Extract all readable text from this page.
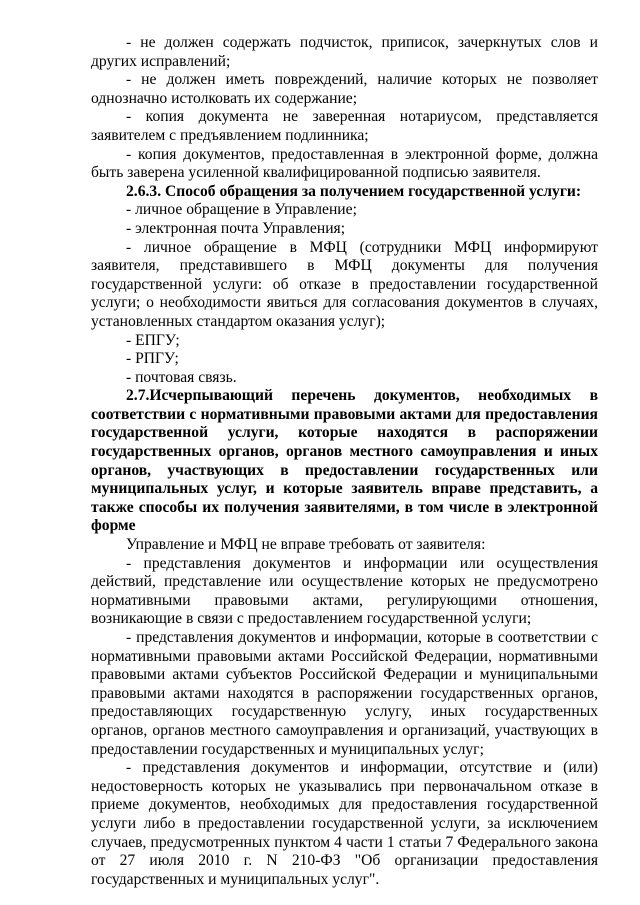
- не должен содержать подчисток, приписок, зачеркнутых слов и других исправлений;

- не должен иметь повреждений, наличие которых не позволяет однозначно истолковать их содержание;

- копия документа не заверенная нотариусом, представляется заявителем с предъявлением подлинника;

- копия документов, предоставленная в электронной форме, должна быть заверена усиленной квалифицированной подписью заявителя.

2.6.3. Способ обращения за получением государственной услуги:

- личное обращение в Управление;

- электронная почта Управления;

- личное обращение в МФЦ (сотрудники МФЦ информируют заявителя, представившего в МФЦ документы для получения государственной услуги: об отказе в предоставлении государственной услуги; о необходимости явиться для согласования документов в случаях, установленных стандартом оказания услуг);

- ЕПГУ;

- РПГУ;

- почтовая связь.

2.7.Исчерпывающий перечень документов, необходимых в соответствии с нормативными правовыми актами для предоставления государственной услуги, которые находятся в распоряжении государственных органов, органов местного самоуправления и иных органов, участвующих в предоставлении государственных или муниципальных услуг, и которые заявитель вправе представить, а также способы их получения заявителями, в том числе в электронной форме

Управление и МФЦ не вправе требовать от заявителя:

- представления документов и информации или осуществления действий, представление или осуществление которых не предусмотрено нормативными правовыми актами, регулирующими отношения, возникающие в связи с предоставлением государственной услуги;

- представления документов и информации, которые в соответствии с нормативными правовыми актами Российской Федерации, нормативными правовыми актами субъектов Российской Федерации и муниципальными правовыми актами находятся в распоряжении государственных органов, предоставляющих государственную услугу, иных государственных органов, органов местного самоуправления и организаций, участвующих в предоставлении государственных и муниципальных услуг;

- представления документов и информации, отсутствие и (или) недостоверность которых не указывались при первоначальном отказе в приеме документов, необходимых для предоставления государственной услуги либо в предоставлении государственной услуги, за исключением случаев, предусмотренных пунктом 4 части 1 статьи 7 Федерального закона от 27 июля 2010 г. N 210-ФЗ "Об организации предоставления государственных и муниципальных услуг".
